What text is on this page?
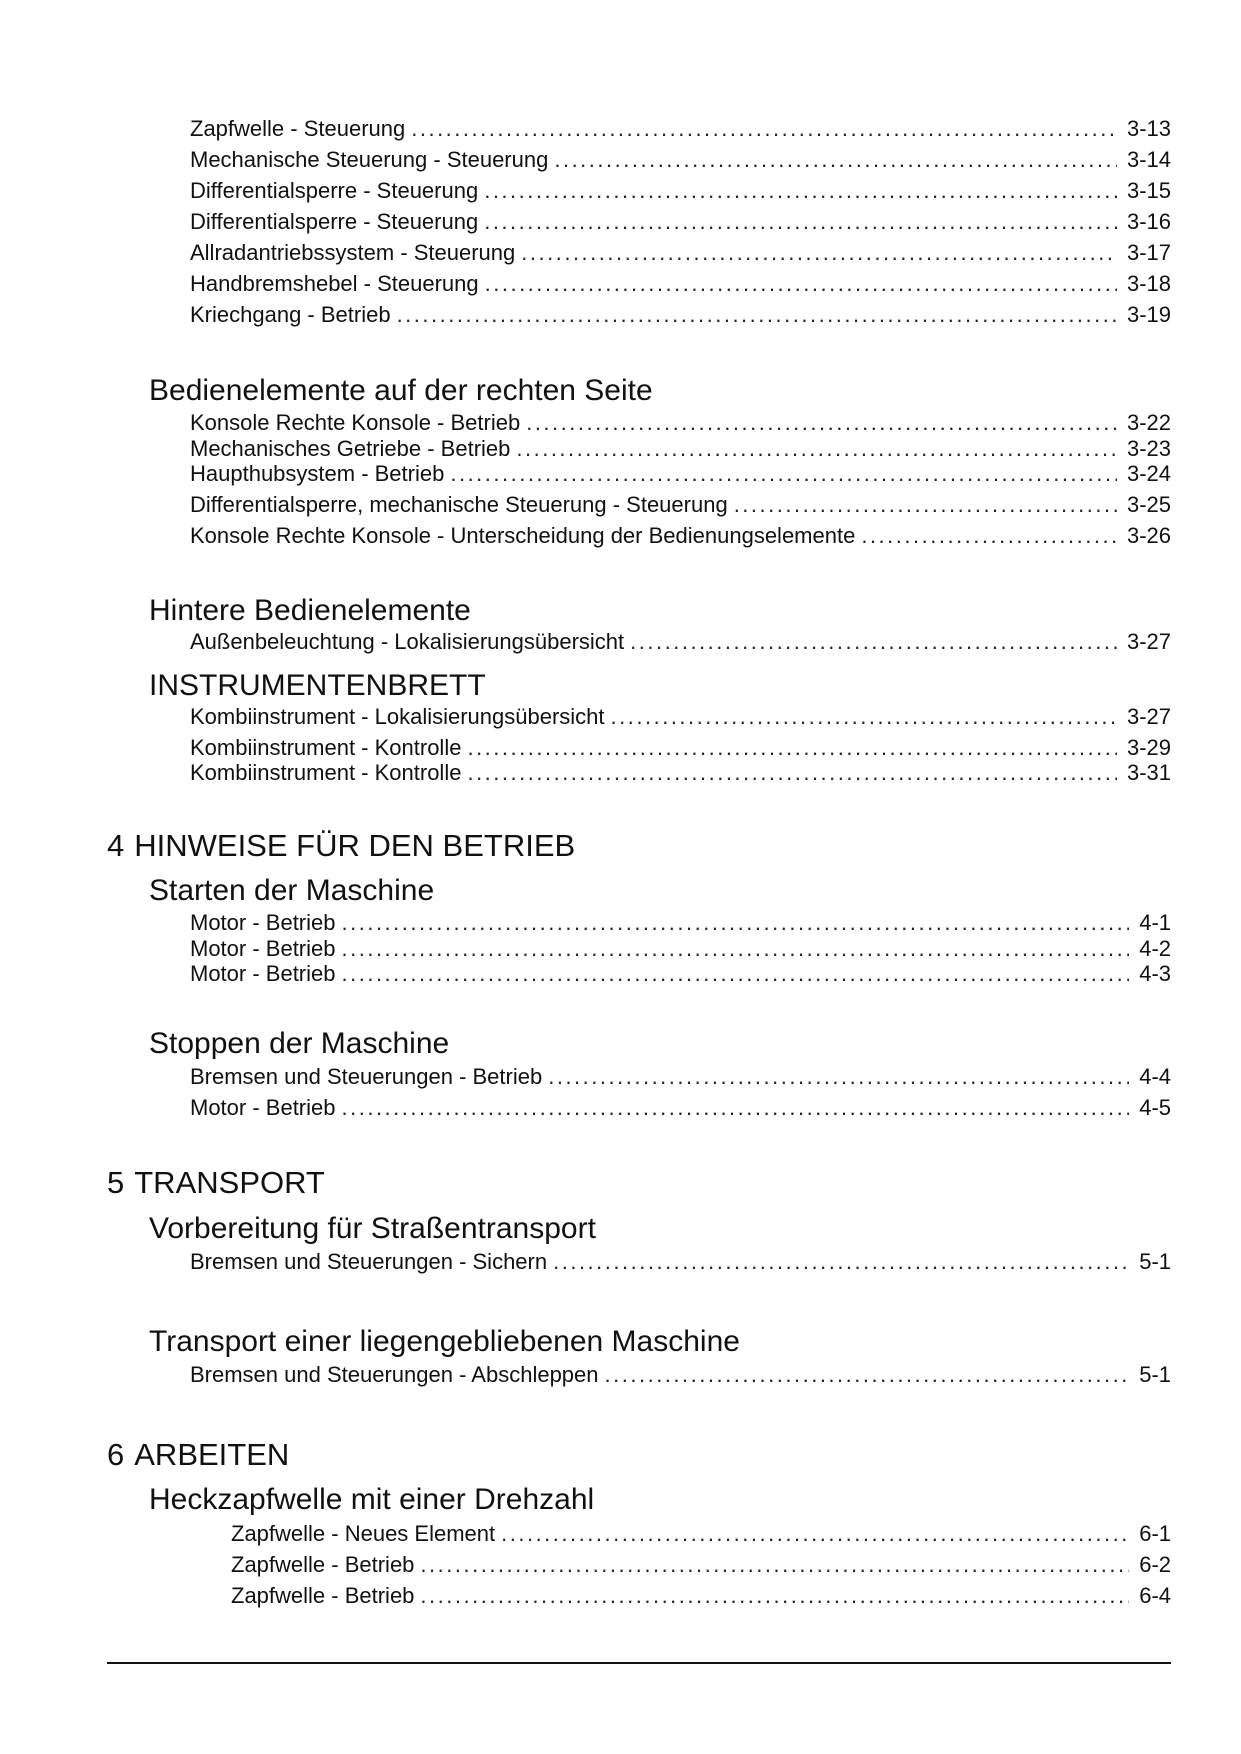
Zapfwelle - Steuerung .....	3-13
Mechanische Steuerung - Steuerung .....	3-14
Differentialsperre - Steuerung .....	3-15
Differentialsperre - Steuerung .....	3-16
Allradantriebssystem - Steuerung .....	3-17
Handbremshebel - Steuerung .....	3-18
Kriechgang - Betrieb .....	3-19
Bedienelemente auf der rechten Seite
Konsole Rechte Konsole - Betrieb .....	3-22
Mechanisches Getriebe - Betrieb .....	3-23
Haupthubsystem - Betrieb .....	3-24
Differentialsperre, mechanische Steuerung - Steuerung .....	3-25
Konsole Rechte Konsole - Unterscheidung der Bedienungselemente .....	3-26
Hintere Bedienelemente
Außenbeleuchtung - Lokalisierungsübersicht .....	3-27
INSTRUMENTENBRETT
Kombiinstrument - Lokalisierungsübersicht .....	3-27
Kombiinstrument - Kontrolle .....	3-29
Kombiinstrument - Kontrolle .....	3-31
4 HINWEISE FÜR DEN BETRIEB
Starten der Maschine
Motor - Betrieb .....	4-1
Motor - Betrieb .....	4-2
Motor - Betrieb .....	4-3
Stoppen der Maschine
Bremsen und Steuerungen - Betrieb .....	4-4
Motor - Betrieb .....	4-5
5 TRANSPORT
Vorbereitung für Straßentransport
Bremsen und Steuerungen - Sichern .....	5-1
Transport einer liegengebliebenen Maschine
Bremsen und Steuerungen - Abschleppen .....	5-1
6 ARBEITEN
Heckzapfwelle mit einer Drehzahl
Zapfwelle - Neues Element .....	6-1
Zapfwelle - Betrieb .....	6-2
Zapfwelle - Betrieb .....	6-4
